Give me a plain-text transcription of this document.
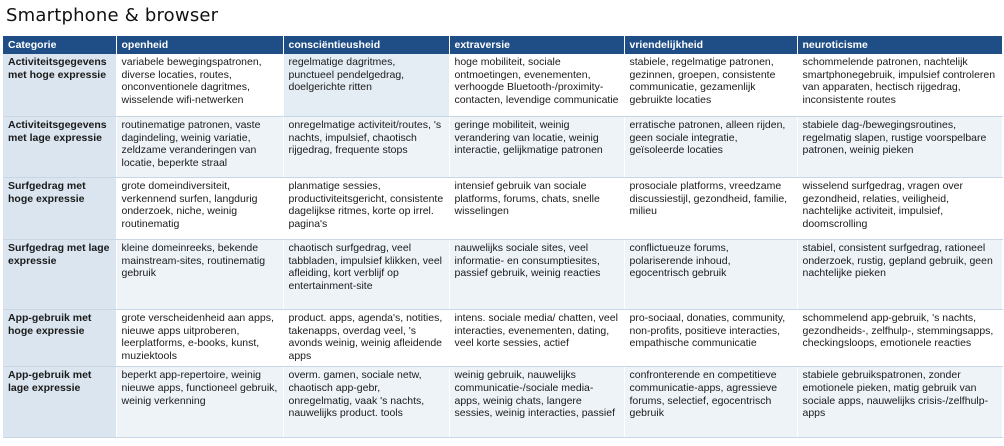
Smartphone & browser
Categorie	openheid	consciëntieusheid	extraversie	vriendelijkheid	neuroticisme
Activiteitsgegevens met hoge expressie	variabele bewegingspatronen, diverse locaties, routes, onconventionele dagritmes, wisselende wifi-netwerken	regelmatige dagritmes, punctueel pendelgedrag, doelgerichte ritten	hoge mobiliteit, sociale ontmoetingen, evenementen, verhoogde Bluetooth-/proximity-contacten, levendige communicatie	stabiele, regelmatige patronen, gezinnen, groepen, consistente communicatie, gezamenlijk gebruikte locaties	schommelende patronen, nachtelijk smartphonegebruik, impulsief controleren van apparaten, hectisch rijgedrag, inconsistente routes
Activiteitsgegevens met lage expressie	routinematige patronen, vaste dagindeling, weinig variatie, zeldzame veranderingen van locatie, beperkte straal	onregelmatige activiteit/routes, 's nachts, impulsief, chaotisch rijgedrag, frequente stops	geringe mobiliteit, weinig verandering van locatie, weinig interactie, gelijkmatige patronen	erratische patronen, alleen rijden, geen sociale integratie, geïsoleerde locaties	stabiele dag-/bewegingsroutines, regelmatig slapen, rustige voorspelbare patronen, weinig pieken
Surfgedrag met hoge expressie	grote domeindiversiteit, verkennend surfen, langdurig onderzoek, niche, weinig routinematig	planmatige sessies, productiviteitsgericht, consistente dagelijkse ritmes, korte op irrel. pagina's	intensief gebruik van sociale platforms, forums, chats, snelle wisselingen	prosociale platforms, vreedzame discussiestijl, gezondheid, familie, milieu	wisselend surfgedrag, vragen over gezondheid, relaties, veiligheid, nachtelijke activiteit, impulsief, doomscrolling
Surfgedrag met lage expressie	kleine domeinreeks, bekende mainstream-sites, routinematig gebruik	chaotisch surfgedrag, veel tabbladen, impulsief klikken, veel afleiding, kort verblijf op entertainment-site	nauwelijks sociale sites, veel informatie- en consumptiesites, passief gebruik, weinig reacties	conflictueuze forums, polariserende inhoud, egocentrisch gebruik	stabiel, consistent surfgedrag, rationeel onderzoek, rustig, gepland gebruik, geen nachtelijke pieken
App-gebruik met hoge expressie	grote verscheidenheid aan apps, nieuwe apps uitproberen, leerplatforms, e-books, kunst, muziektools	product. apps, agenda's, notities, takenapps, overdag veel, 's avonds weinig, weinig afleidende apps	intens. sociale media/ chatten, veel interacties, evenementen, dating, veel korte sessies, actief	pro-sociaal, donaties, community, non-profits, positieve interacties, empathische communicatie	schommelend app-gebruik, 's nachts, gezondheids-, zelfhulp-, stemmingsapps, checkingsloops, emotionele reacties
App-gebruik met lage expressie	beperkt app-repertoire, weinig nieuwe apps, functioneel gebruik, weinig verkenning	overm. gamen, sociale netw, chaotisch app-gebr, onregelmatig, vaak 's nachts, nauwelijks product. tools	weinig gebruik, nauwelijks communicatie-/sociale media-apps, weinig chats, langere sessies, weinig interacties, passief	confronterende en competitieve communicatie-apps, agressieve forums, selectief, egocentrisch gebruik	stabiele gebruikspatronen, zonder emotionele pieken, matig gebruik van sociale apps, nauwelijks crisis-/zelfhulp-apps
